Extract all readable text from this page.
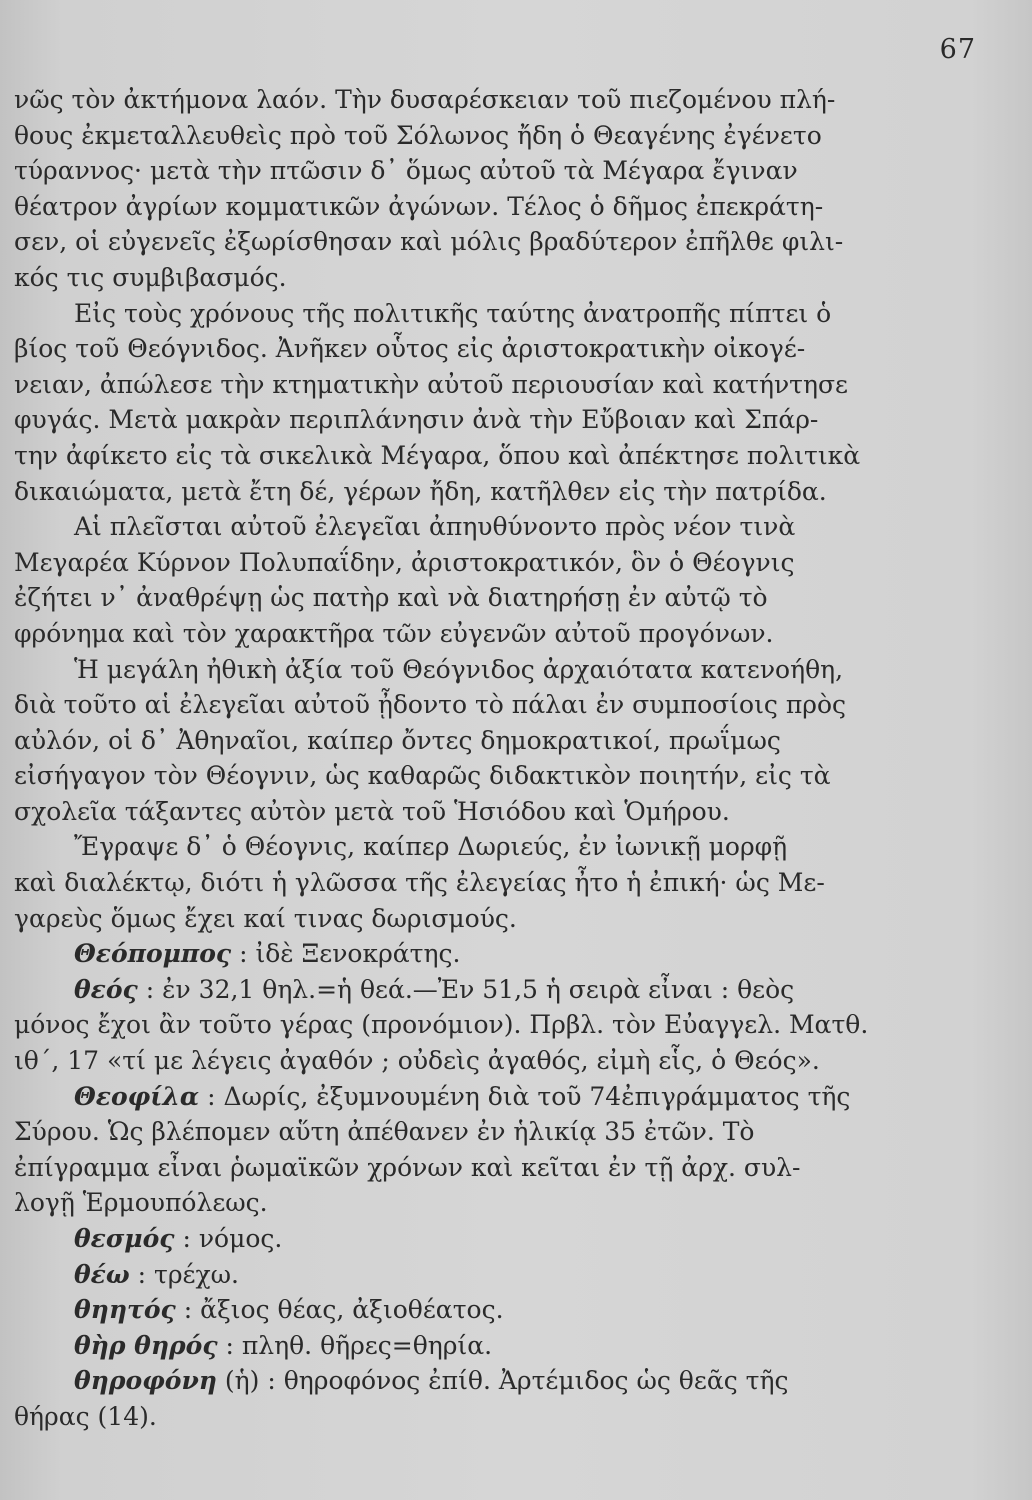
67
νῶς τὸν ἀκτήμονα λαόν. Τὴν δυσαρέσκειαν τοῦ πιεζομένου πλή-
θους ἐκμεταλλευθεὶς πρὸ τοῦ Σόλωνος ἤδη ὁ Θεαγένης ἐγένετο
τύραννος· μετὰ τὴν πτῶσιν δ᾽ ὅμως αὐτοῦ τὰ Μέγαρα ἔγιναν
θέατρον ἀγρίων κομματικῶν ἀγώνων. Τέλος ὁ δῆμος ἐπεκράτη-
σεν, οἱ εὐγενεῖς ἐξωρίσθησαν καὶ μόλις βραδύτερον ἐπῆλθε φιλι-
κός τις συμβιβασμός.
Εἰς τοὺς χρόνους τῆς πολιτικῆς ταύτης ἀνατροπῆς πίπτει ὁ
βίος τοῦ Θεόγνιδος. Ἀνῆκεν οὗτος εἰς ἀριστοκρατικὴν οἰκογέ-
νειαν, ἀπώλεσε τὴν κτηματικὴν αὐτοῦ περιουσίαν καὶ κατήντησε
φυγάς. Μετὰ μακρὰν περιπλάνησιν ἀνὰ τὴν Εὔβοιαν καὶ Σπάρ-
την ἀφίκετο εἰς τὰ σικελικὰ Μέγαρα, ὅπου καὶ ἀπέκτησε πολιτικὰ
δικαιώματα, μετὰ ἔτη δέ, γέρων ἤδη, κατῆλθεν εἰς τὴν πατρίδα.
Αἱ πλεῖσται αὐτοῦ ἐλεγεῖαι ἀπηυθύνοντο πρὸς νέον τινὰ
Μεγαρέα Κύρνον Πολυπαΐδην, ἀριστοκρατικόν, ὃν ὁ Θέογνις
ἐζήτει ν᾽ ἀναθρέψῃ ὡς πατὴρ καὶ νὰ διατηρήσῃ ἐν αὐτῷ τὸ
φρόνημα καὶ τὸν χαρακτῆρα τῶν εὐγενῶν αὐτοῦ προγόνων.
Ἡ μεγάλη ἠθικὴ ἀξία τοῦ Θεόγνιδος ἀρχαιότατα κατενοήθη,
διὰ τοῦτο αἱ ἐλεγεῖαι αὐτοῦ ᾖδοντο τὸ πάλαι ἐν συμποσίοις πρὸς
αὐλόν, οἱ δ᾽ Ἀθηναῖοι, καίπερ ὄντες δημοκρατικοί, πρωΐμως
εἰσήγαγον τὸν Θέογνιν, ὡς καθαρῶς διδακτικὸν ποιητήν, εἰς τὰ
σχολεῖα τάξαντες αὐτὸν μετὰ τοῦ Ἡσιόδου καὶ Ὁμήρου.
Ἔγραψε δ᾽ ὁ Θέογνις, καίπερ Δωριεύς, ἐν ἰωνικῇ μορφῇ
καὶ διαλέκτῳ, διότι ἡ γλῶσσα τῆς ἐλεγείας ἦτο ἡ ἐπική· ὡς Με-
γαρεὺς ὅμως ἔχει καί τινας δωρισμούς.
Θεόπομπος : ἰδὲ Ξενοκράτης.
θεός : ἐν 32,1 θηλ.=ἡ θεά.—Ἐν 51,5 ἡ σειρὰ εἶναι : θεὸς
μόνος ἔχοι ἂν τοῦτο γέρας (προνόμιον). Πρβλ. τὸν Εὐαγγελ. Ματθ.
ιθ΄, 17 «τί με λέγεις ἀγαθόν ; οὐδεὶς ἀγαθός, εἰμὴ εἷς, ὁ Θεός».
Θεοφίλα : Δωρίς, ἐξυμνουμένη διὰ τοῦ 74ἐπιγράμματος τῆς
Σύρου. Ὡς βλέπομεν αὕτη ἀπέθανεν ἐν ἡλικίᾳ 35 ἐτῶν. Τὸ
ἐπίγραμμα εἶναι ῥωμαϊκῶν χρόνων καὶ κεῖται ἐν τῇ ἀρχ. συλ-
λογῇ Ἑρμουπόλεως.
θεσμός : νόμος.
θέω : τρέχω.
θηητός : ἄξιος θέας, ἀξιοθέατος.
θὴρ θηρός : πληθ. θῆρες=θηρία.
θηροφόνη (ἡ) : θηροφόνος ἐπίθ. Ἀρτέμιδος ὡς θεᾶς τῆς
θήρας (14).
